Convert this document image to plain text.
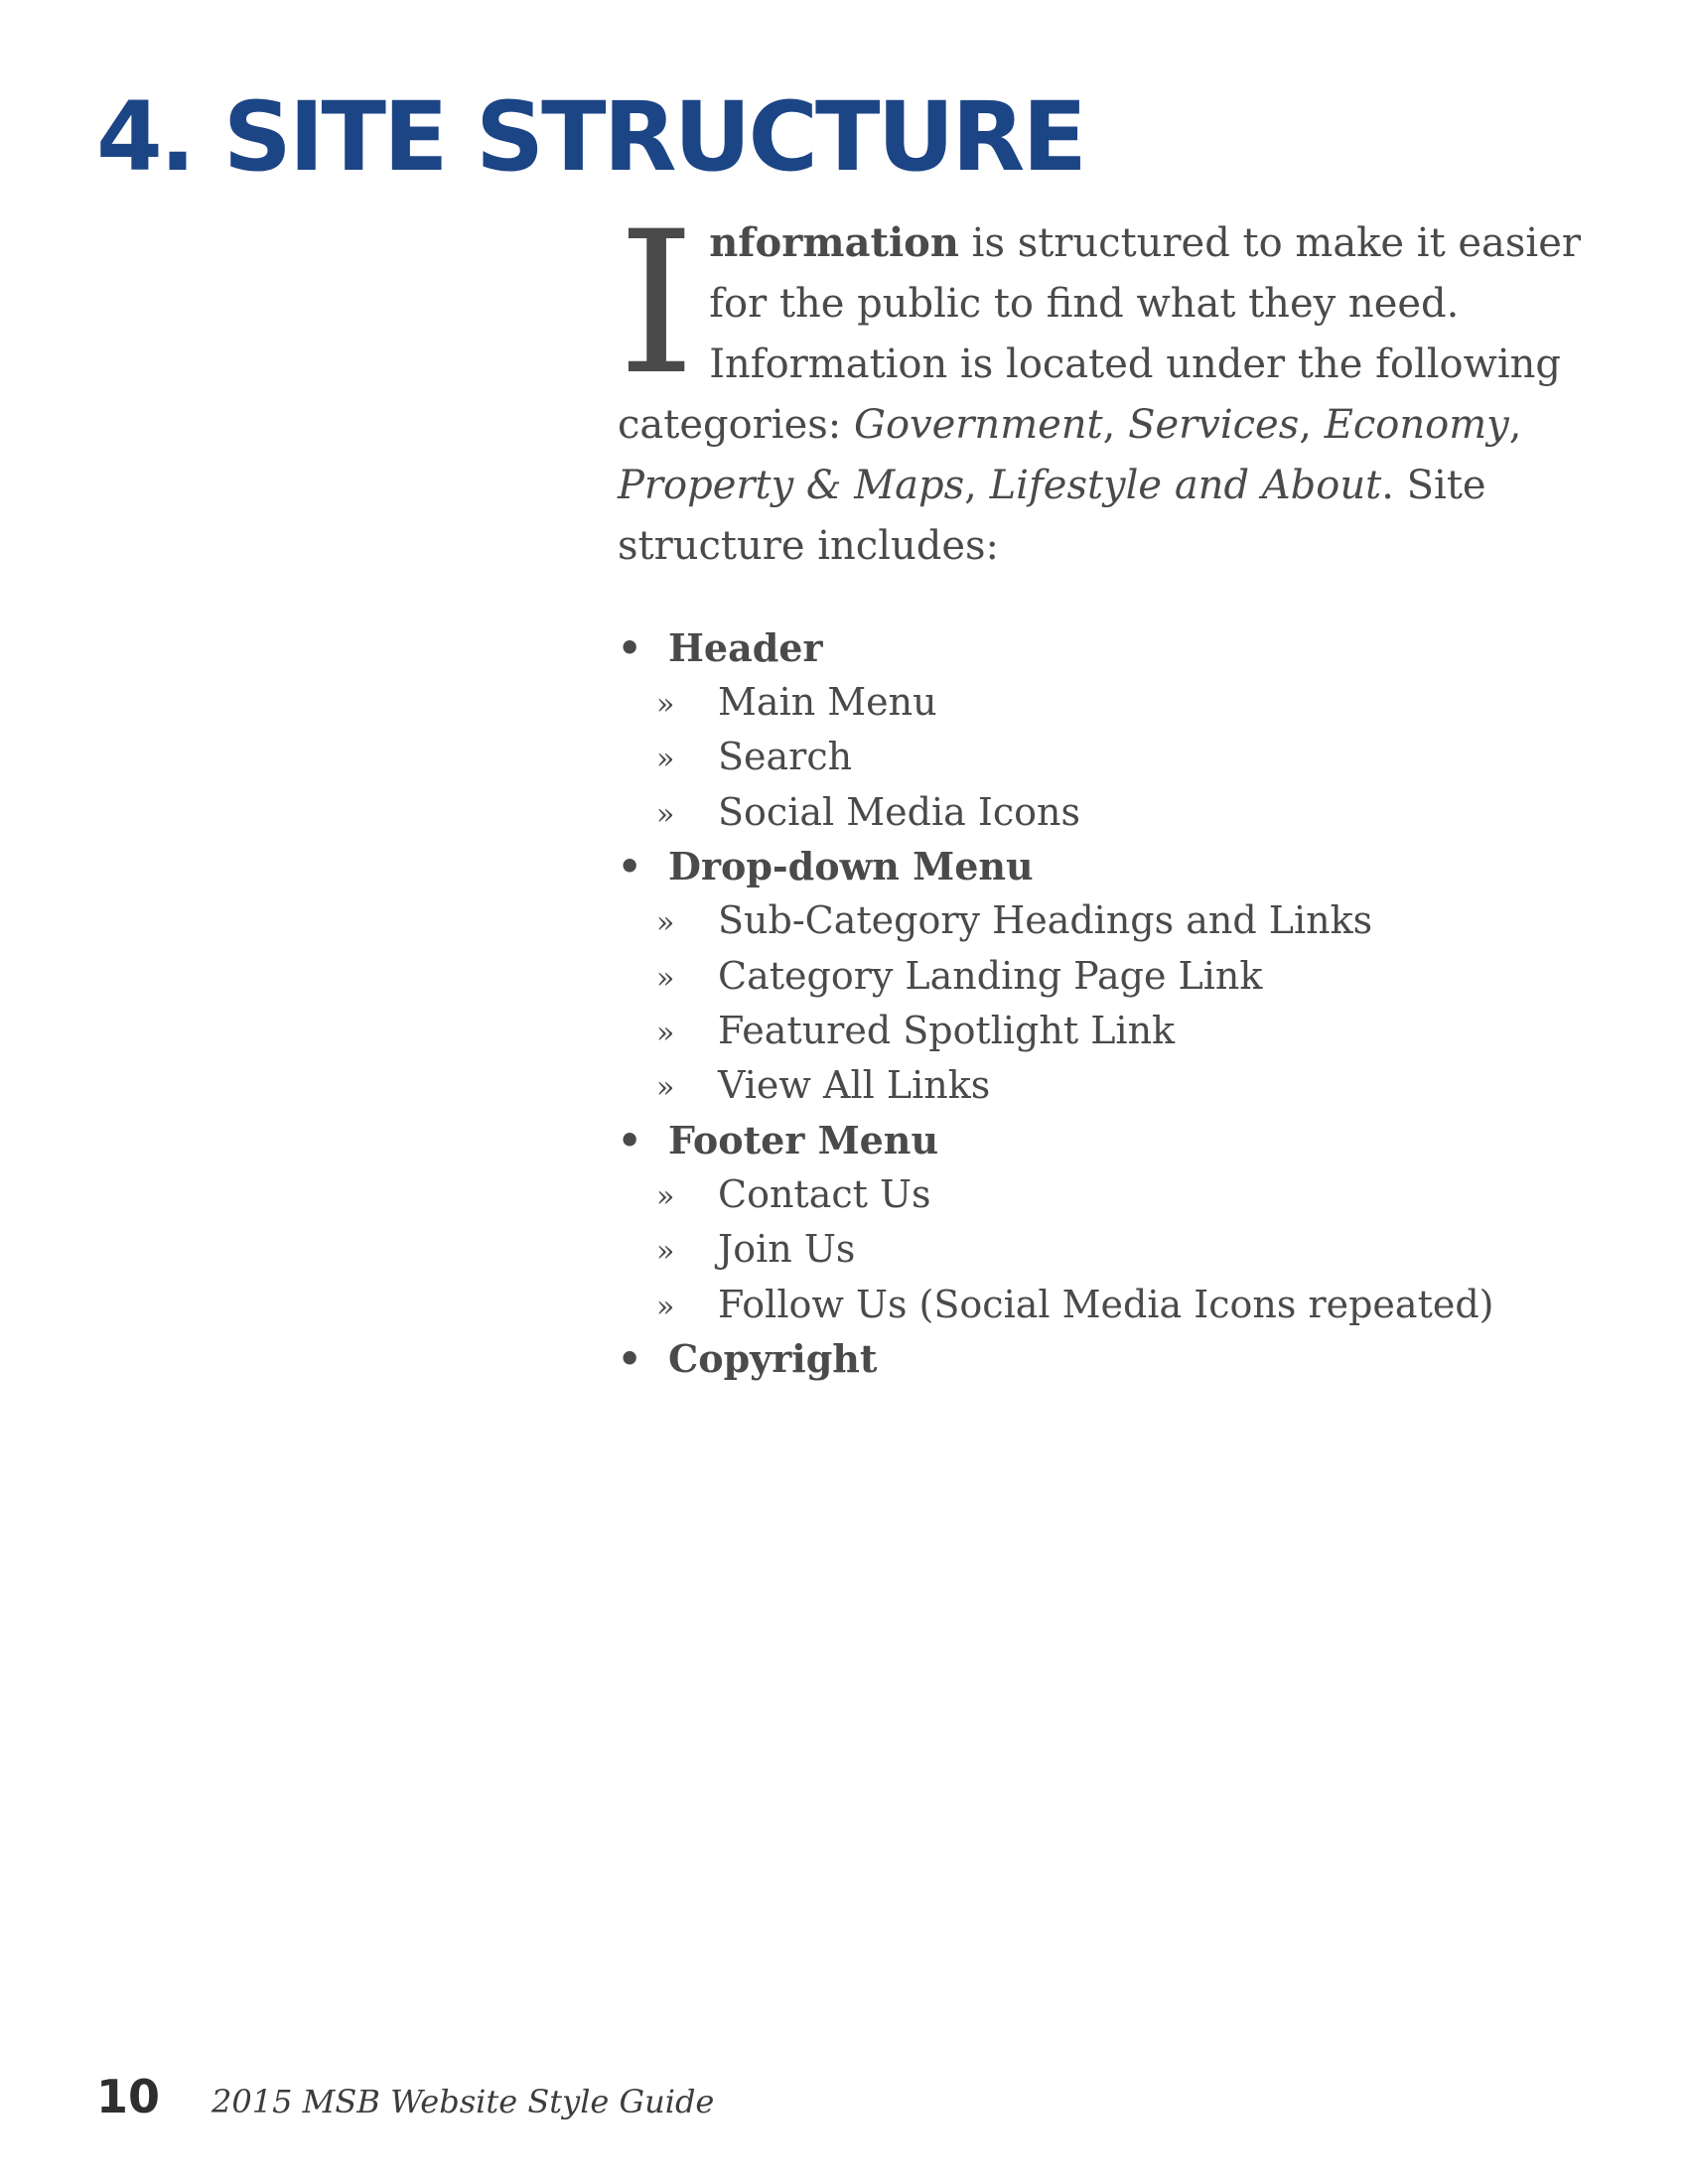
4. SITE STRUCTURE

Information is structured to make it easier for the public to find what they need. Information is located under the following categories: Government, Services, Economy, Property & Maps, Lifestyle and About. Site structure includes:

• Header
» Main Menu
» Search
» Social Media Icons
• Drop-down Menu
» Sub-Category Headings and Links
» Category Landing Page Link
» Featured Spotlight Link
» View All Links
• Footer Menu
» Contact Us
» Join Us
» Follow Us (Social Media Icons repeated)
• Copyright
10 2015 MSB Website Style Guide
